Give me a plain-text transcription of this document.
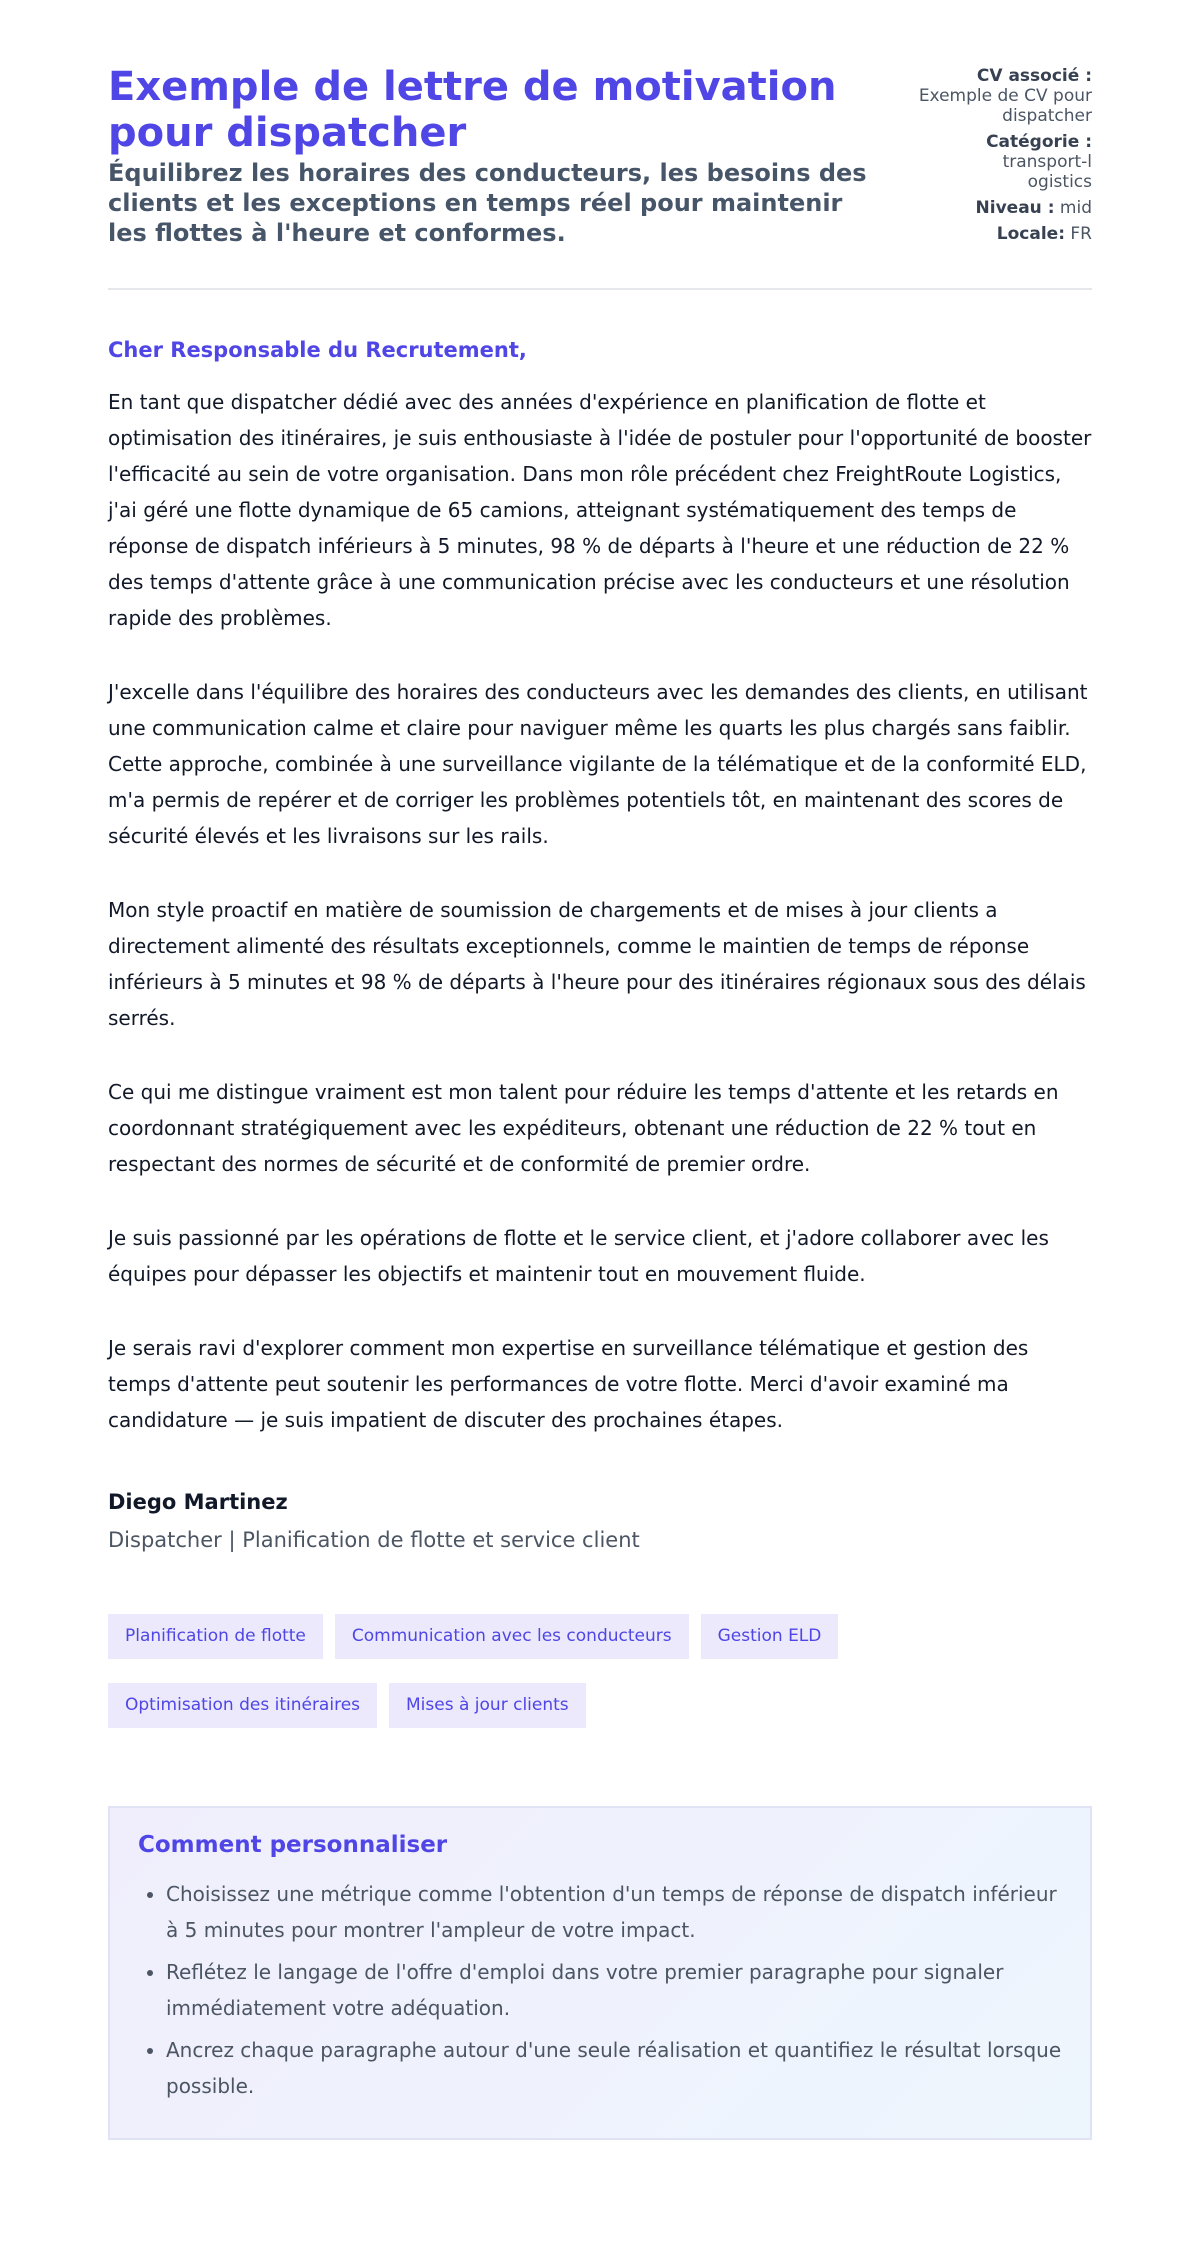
Exemple de lettre de motivation pour dispatcher
Équilibrez les horaires des conducteurs, les besoins des clients et les exceptions en temps réel pour maintenir les flottes à l'heure et conformes.
CV associé :
Exemple de CV pour dispatcher
Catégorie :
transport-logistics
Niveau : mid
Locale: FR
Cher Responsable du Recrutement,

En tant que dispatcher dédié avec des années d'expérience en planification de flotte et optimisation des itinéraires, je suis enthousiaste à l'idée de postuler pour l'opportunité de booster l'efficacité au sein de votre organisation. Dans mon rôle précédent chez FreightRoute Logistics, j'ai géré une flotte dynamique de 65 camions, atteignant systématiquement des temps de réponse de dispatch inférieurs à 5 minutes, 98 % de départs à l'heure et une réduction de 22 % des temps d'attente grâce à une communication précise avec les conducteurs et une résolution rapide des problèmes.

J'excelle dans l'équilibre des horaires des conducteurs avec les demandes des clients, en utilisant une communication calme et claire pour naviguer même les quarts les plus chargés sans faiblir. Cette approche, combinée à une surveillance vigilante de la télématique et de la conformité ELD, m'a permis de repérer et de corriger les problèmes potentiels tôt, en maintenant des scores de sécurité élevés et les livraisons sur les rails.

Mon style proactif en matière de soumission de chargements et de mises à jour clients a directement alimenté des résultats exceptionnels, comme le maintien de temps de réponse inférieurs à 5 minutes et 98 % de départs à l'heure pour des itinéraires régionaux sous des délais serrés.

Ce qui me distingue vraiment est mon talent pour réduire les temps d'attente et les retards en coordonnant stratégiquement avec les expéditeurs, obtenant une réduction de 22 % tout en respectant des normes de sécurité et de conformité de premier ordre.

Je suis passionné par les opérations de flotte et le service client, et j'adore collaborer avec les équipes pour dépasser les objectifs et maintenir tout en mouvement fluide.

Je serais ravi d'explorer comment mon expertise en surveillance télématique et gestion des temps d'attente peut soutenir les performances de votre flotte. Merci d'avoir examiné ma candidature — je suis impatient de discuter des prochaines étapes.

Diego Martinez
Dispatcher | Planification de flotte et service client
Planification de flotte	Communication avec les conducteurs	Gestion ELD
Optimisation des itinéraires	Mises à jour clients
Comment personnaliser
• Choisissez une métrique comme l'obtention d'un temps de réponse de dispatch inférieur à 5 minutes pour montrer l'ampleur de votre impact.
• Reflétez le langage de l'offre d'emploi dans votre premier paragraphe pour signaler immédiatement votre adéquation.
• Ancrez chaque paragraphe autour d'une seule réalisation et quantifiez le résultat lorsque possible.
